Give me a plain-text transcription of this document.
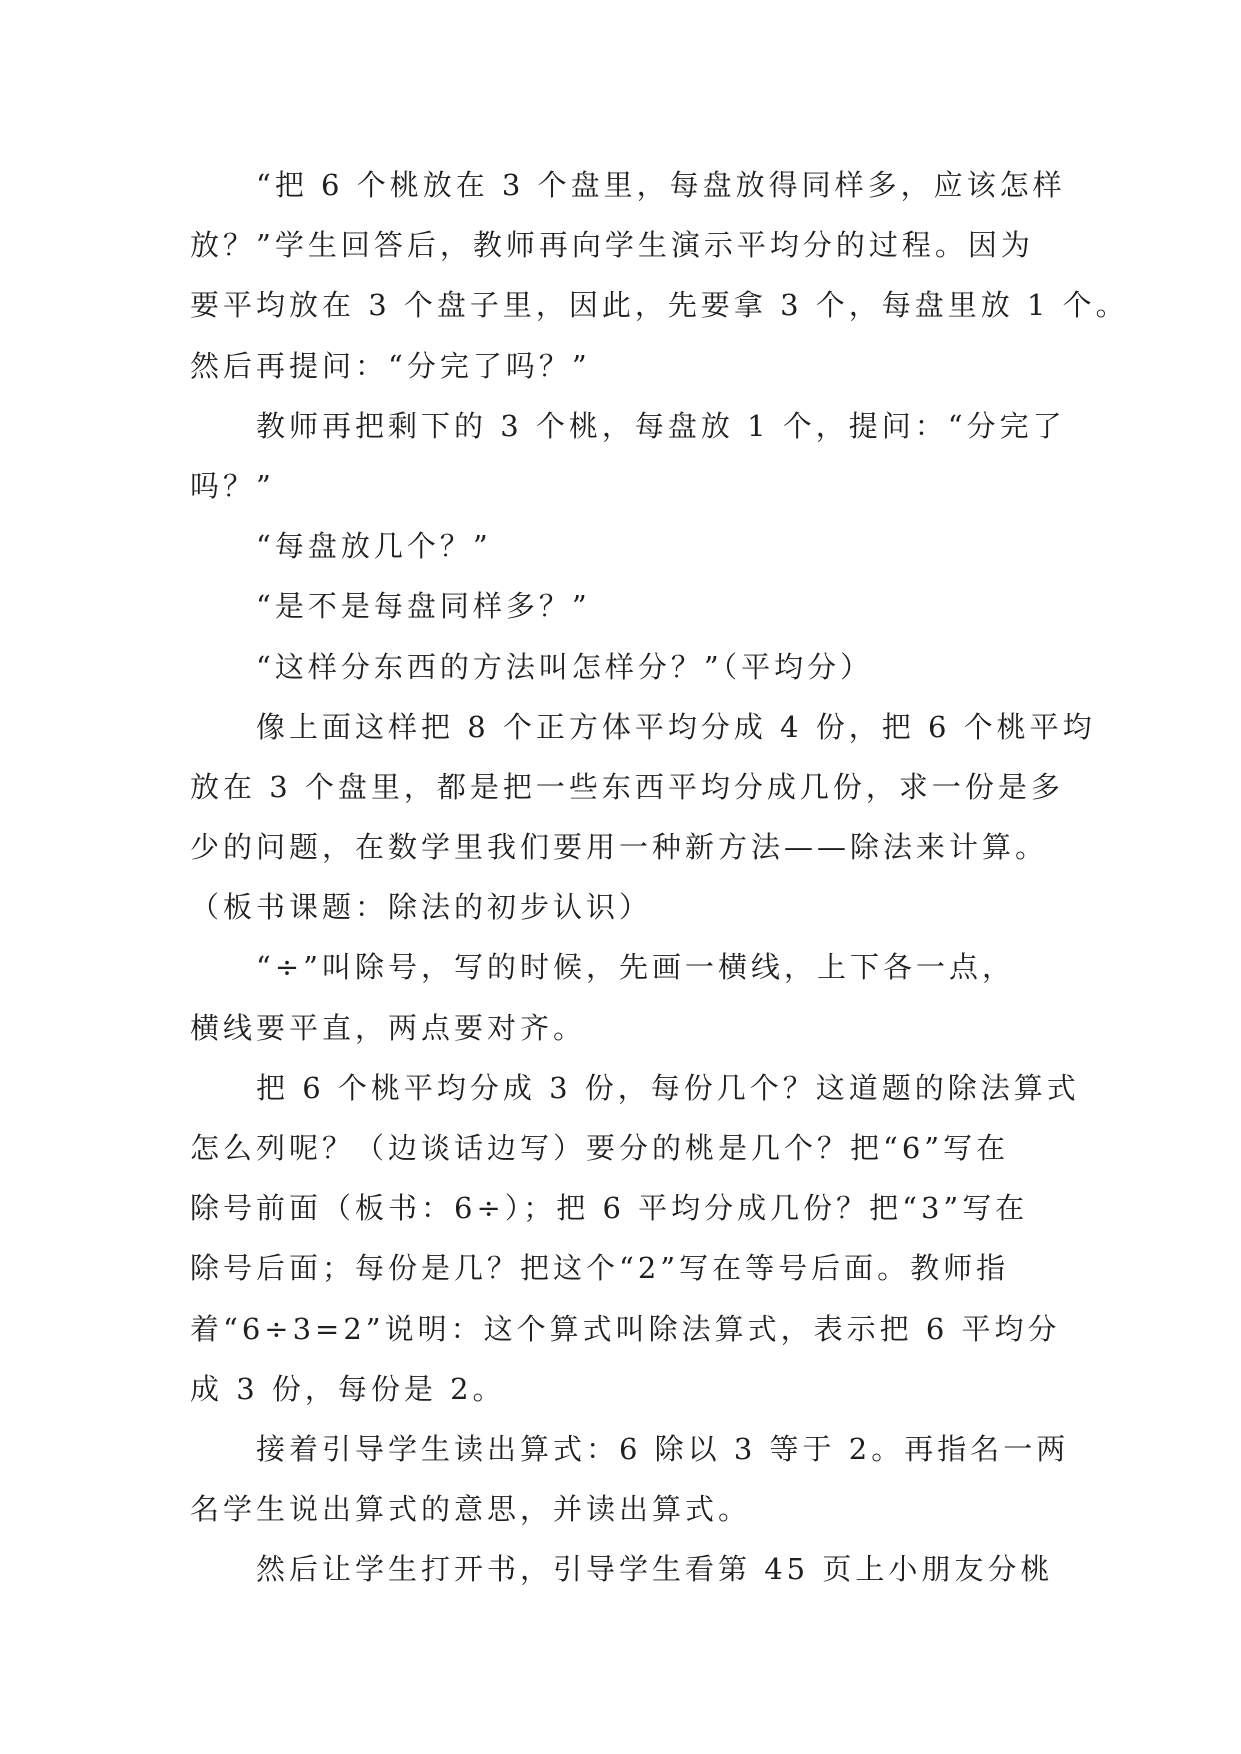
“把 6 个桃放在 3 个盘里，每盘放得同样多，应该怎样
放？”学生回答后，教师再向学生演示平均分的过程。因为
要平均放在 3 个盘子里，因此，先要拿 3 个，每盘里放 1 个。
然后再提问：“分完了吗？”
教师再把剩下的 3 个桃，每盘放 1 个，提问：“分完了
吗？”
“每盘放几个？”
“是不是每盘同样多？”
“这样分东西的方法叫怎样分？”（平均分）
像上面这样把 8 个正方体平均分成 4 份，把 6 个桃平均
放在 3 个盘里，都是把一些东西平均分成几份，求一份是多
少的问题，在数学里我们要用一种新方法——除法来计算。
（板书课题：除法的初步认识）
“÷”叫除号，写的时候，先画一横线，上下各一点，
横线要平直，两点要对齐。
把 6 个桃平均分成 3 份，每份几个？这道题的除法算式
怎么列呢？（边谈话边写）要分的桃是几个？把“6”写在
除号前面（板书：6÷）；把 6 平均分成几份？把“3”写在
除号后面；每份是几？把这个“2”写在等号后面。教师指
着“6÷3=2”说明：这个算式叫除法算式，表示把 6 平均分
成 3 份，每份是 2。
接着引导学生读出算式：6 除以 3 等于 2。再指名一两
名学生说出算式的意思，并读出算式。
然后让学生打开书，引导学生看第 45 页上小朋友分桃
